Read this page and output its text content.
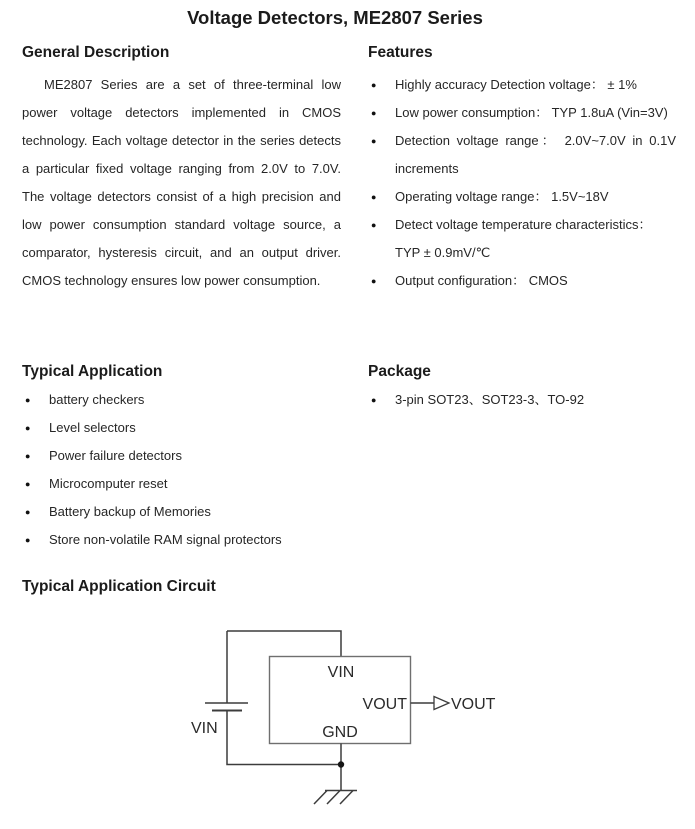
Voltage Detectors, ME2807 Series
General Description

ME2807 Series are a set of three-terminal low power voltage detectors implemented in CMOS technology. Each voltage detector in the series detects a particular fixed voltage ranging from 2.0V to 7.0V. The voltage detectors consist of a high precision and low power consumption standard voltage source, a comparator, hysteresis circuit, and an output driver. CMOS technology ensures low power consumption.

Features
● Highly accuracy Detection voltage： ± 1%
● Low power consumption： TYP 1.8uA (Vin=3V)
● Detection voltage range： 2.0V~7.0V in 0.1V increments
● Operating voltage range： 1.5V~18V
● Detect voltage temperature characteristics：
TYP ± 0.9mV/℃
● Output configuration： CMOS
Typical Application
● battery checkers
● Level selectors
● Power failure detectors
● Microcomputer reset
● Battery backup of Memories
● Store non-volatile RAM signal protectors
Package
● 3-pin SOT23、SOT23-3、TO-92
Typical Application Circuit
VIN
VOUT
GND
VIN
VOUT
